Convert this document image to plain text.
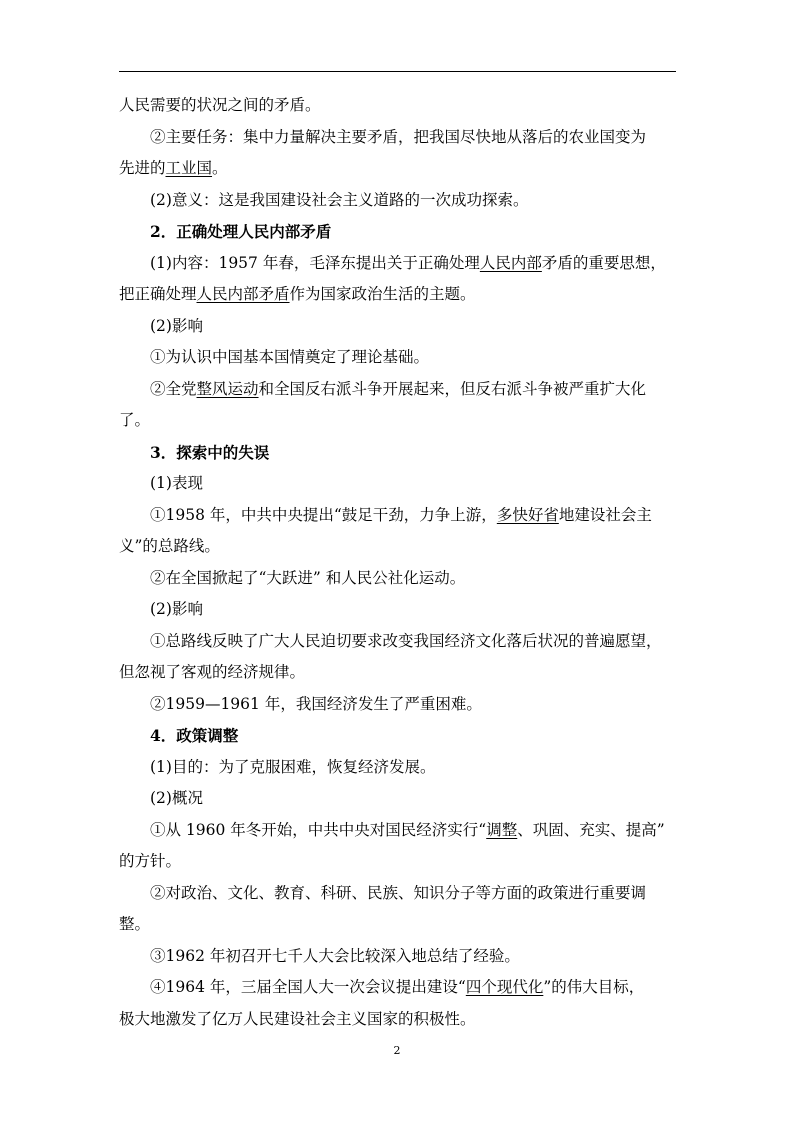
人民需要的状况之间的矛盾。
②主要任务：集中力量解决主要矛盾，把我国尽快地从落后的农业国变为
先进的工业国。
(2)意义：这是我国建设社会主义道路的一次成功探索。
2．正确处理人民内部矛盾
(1)内容：1957 年春，毛泽东提出关于正确处理人民内部矛盾的重要思想，
把正确处理人民内部矛盾作为国家政治生活的主题。
(2)影响
①为认识中国基本国情奠定了理论基础。
②全党整风运动和全国反右派斗争开展起来，但反右派斗争被严重扩大化
了。
3．探索中的失误
(1)表现
①1958 年，中共中央提出“鼓足干劲，力争上游，多快好省地建设社会主
义”的总路线。
②在全国掀起了“大跃进” 和人民公社化运动。
(2)影响
①总路线反映了广大人民迫切要求改变我国经济文化落后状况的普遍愿望，
但忽视了客观的经济规律。
②1959—1961 年，我国经济发生了严重困难。
4．政策调整
(1)目的：为了克服困难，恢复经济发展。
(2)概况
①从 1960 年冬开始，中共中央对国民经济实行“调整、巩固、充实、提高”
的方针。
②对政治、文化、教育、科研、民族、知识分子等方面的政策进行重要调
整。
③1962 年初召开七千人大会比较深入地总结了经验。
④1964 年，三届全国人大一次会议提出建设“四个现代化”的伟大目标，
极大地激发了亿万人民建设社会主义国家的积极性。
2
